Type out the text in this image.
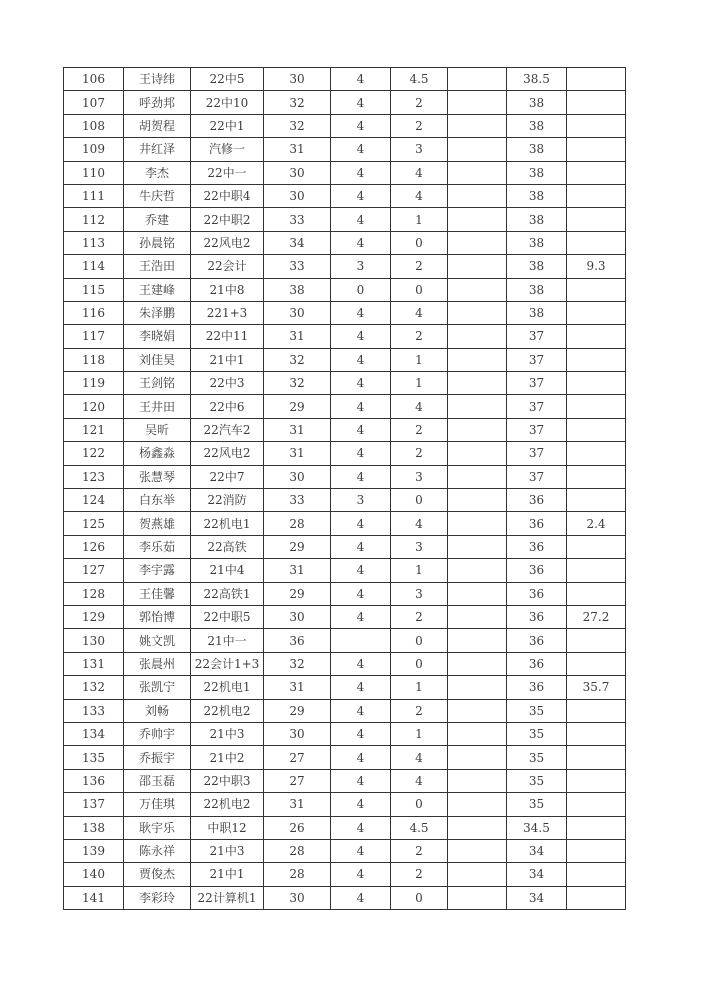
106	王诗纬	22中5	30	4	4.5		38.5	
107	呼劲邦	22中10	32	4	2		38	
108	胡贺程	22中1	32	4	2		38	
109	井红泽	汽修一	31	4	3		38	
110	李杰	22中一	30	4	4		38	
111	牛庆哲	22中职4	30	4	4		38	
112	乔建	22中职2	33	4	1		38	
113	孙晨铭	22风电2	34	4	0		38	
114	王浩田	22会计	33	3	2		38	9.3
115	王建峰	21中8	38	0	0		38	
116	朱泽鹏	221+3	30	4	4		38	
117	李晓娟	22中11	31	4	2		37	
118	刘佳昊	21中1	32	4	1		37	
119	王剑铭	22中3	32	4	1		37	
120	王井田	22中6	29	4	4		37	
121	吴昕	22汽车2	31	4	2		37	
122	杨鑫淼	22风电2	31	4	2		37	
123	张慧琴	22中7	30	4	3		37	
124	白东举	22消防	33	3	0		36	
125	贺燕雄	22机电1	28	4	4		36	2.4
126	李乐茹	22高铁	29	4	3		36	
127	李宇露	21中4	31	4	1		36	
128	王佳馨	22高铁1	29	4	3		36	
129	郭怡博	22中职5	30	4	2		36	27.2
130	姚文凯	21中一	36		0		36	
131	张晨州	22会计1+3	32	4	0		36	
132	张凯宁	22机电1	31	4	1		36	35.7
133	刘畅	22机电2	29	4	2		35	
134	乔帅宇	21中3	30	4	1		35	
135	乔振宇	21中2	27	4	4		35	
136	邵玉磊	22中职3	27	4	4		35	
137	万佳琪	22机电2	31	4	0		35	
138	耿宇乐	中职12	26	4	4.5		34.5	
139	陈永祥	21中3	28	4	2		34	
140	贾俊杰	21中1	28	4	2		34	
141	李彩玲	22计算机1	30	4	0		34	
